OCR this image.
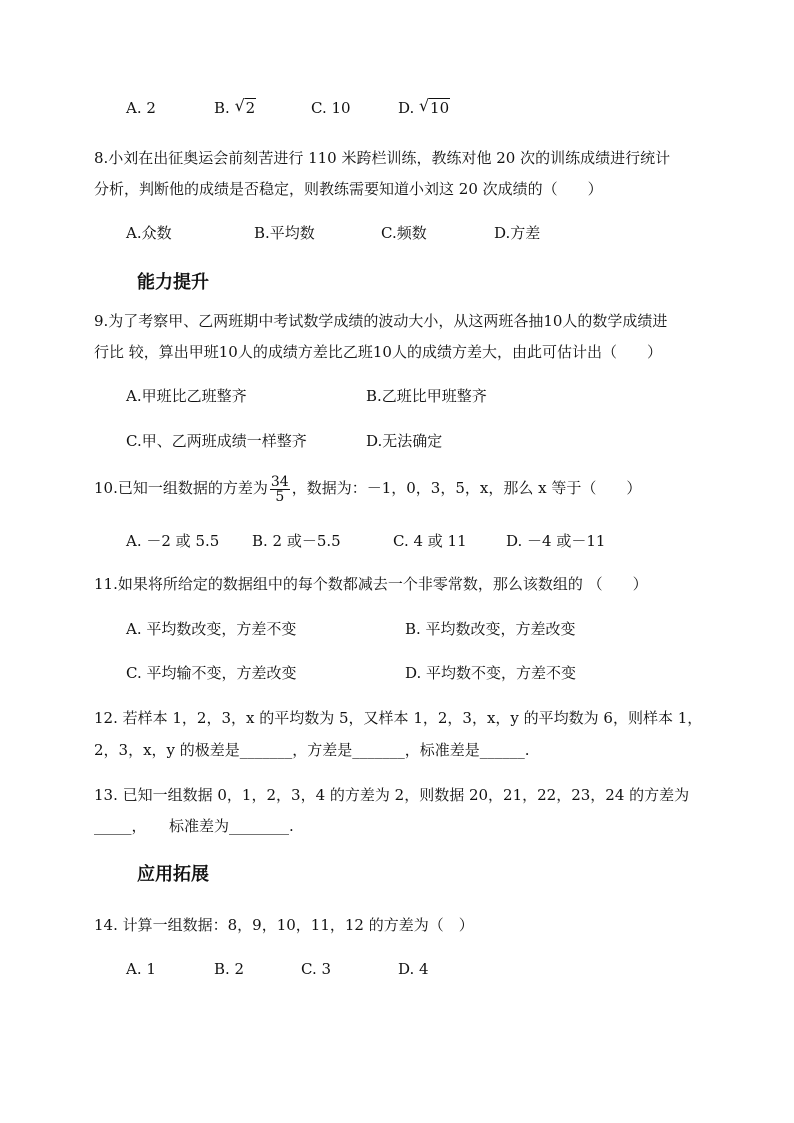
A. 2	B. √ 2	C. 10	D. √ 10
8.小刘在出征奥运会前刻苦进行 110 米跨栏训练，教练对他 20 次的训练成绩进行统计
分析，判断他的成绩是否稳定，则教练需要知道小刘这 20 次成绩的（　　）
A.众数	B.平均数	C.频数	D.方差
能力提升
9.为了考察甲、乙两班期中考试数学成绩的波动大小，从这两班各抽10人的数学成绩进
行比 较，算出甲班10人的成绩方差比乙班10人的成绩方差大，由此可估计出（　　）
A.甲班比乙班整齐	B.乙班比甲班整齐
C.甲、乙两班成绩一样整齐	D.无法确定
10.已知一组数据的方差为 $\frac{34}{5}$ ，数据为：－1，0，3，5，x，那么 x 等于（　　）
A. －2 或 5.5 B. 2 或－5.5	C. 4 或 11	D. －4 或－11
11.如果将所给定的数据组中的每个数都减去一个非零常数，那么该数组的 （　　）
A. 平均数改变，方差不变	B. 平均数改变，方差改变
C. 平均输不变，方差改变	D. 平均数不变，方差不变
12. 若样本 1，2，3，x 的平均数为 5，又样本 1，2，3，x，y 的平均数为 6，则样本 1，
2，3，x，y 的极差是_______，方差是_______，标准差是______.
13. 已知一组数据 0，1，2，3，4 的方差为 2，则数据 20，21，22，23，24 的方差为
_____，　　标准差为________.
应用拓展
14. 计算一组数据：8，9，10，11，12 的方差为（　）
A. 1	B. 2	C. 3	D. 4
